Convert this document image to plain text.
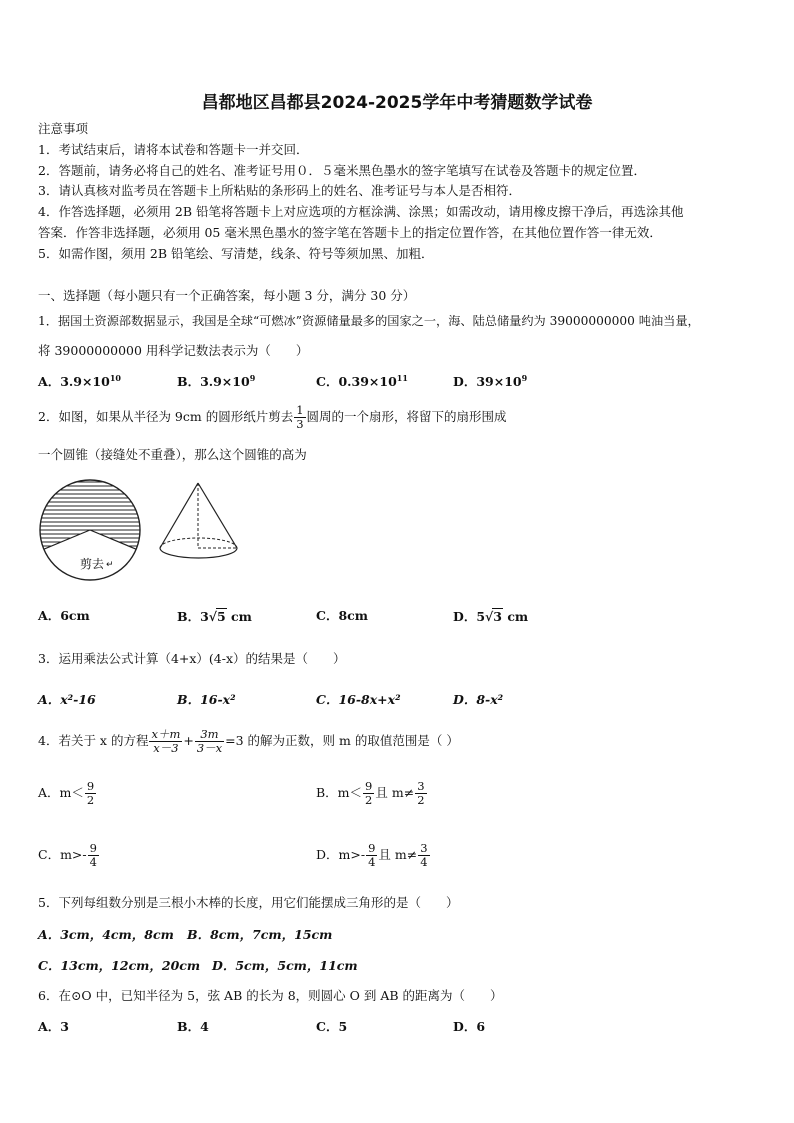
昌都地区昌都县2024-2025学年中考猜题数学试卷
注意事项
1．考试结束后，请将本试卷和答题卡一并交回．
2．答题前，请务必将自己的姓名、准考证号用０．５毫米黑色墨水的签字笔填写在试卷及答题卡的规定位置．
3．请认真核对监考员在答题卡上所粘贴的条形码上的姓名、准考证号与本人是否相符．
4．作答选择题，必须用 2B 铅笔将答题卡上对应选项的方框涂满、涂黑；如需改动，请用橡皮擦干净后，再选涂其他
答案．作答非选择题，必须用 05 毫米黑色墨水的签字笔在答题卡上的指定位置作答，在其他位置作答一律无效．
5．如需作图，须用 2B 铅笔绘、写清楚，线条、符号等须加黑、加粗．
一、选择题（每小题只有一个正确答案，每小题 3 分，满分 30 分）
1．据国土资源部数据显示，我国是全球“可燃冰”资源储量最多的国家之一，海、陆总储量约为 39000000000 吨油当量，
将 39000000000 用科学记数法表示为（　　）
A．$3.9\times 10^{10}$	B．$3.9\times 10^9$	C．$0.39\times 10^{11}$	D．$39\times 10^9$
2．如图，如果从半径为 9cm 的圆形纸片剪去 $\frac{1}{3}$ 圆周的一个扇形，将留下的扇形围成
一个圆锥（接缝处不重叠），那么这个圆锥的高为
剪去 ↵
A．6cm	B．3√5 cm	C．8cm	D．5√3 cm
3．运用乘法公式计算（4+x）(4-x）的结果是（　　）
A．x²-16	B．16-x²	C．16-8x+x²	D．8-x²
4．若关于 x 的方程 $\frac{x+m}{x-3} + \frac{3m}{3-x} =3$ 的解为正数，则 m 的取值范围是（ ）
A．$m< \frac{9}{2}$	B．$m< \frac{9}{2}$ 且 $m\ne \frac{3}{2}$
C．$m>- \frac{9}{4}$	D．$m>- \frac{9}{4}$ 且 $m\ne \frac{3}{4}$
5．下列每组数分别是三根小木棒的长度，用它们能摆成三角形的是（　　）
A．3cm，4cm，8cm B．8cm，7cm，15cm
C．13cm，12cm，20cm D．5cm，5cm，11cm
6．在⊙O 中，已知半径为 5，弦 AB 的长为 8，则圆心 O 到 AB 的距离为（　　）
A．3	B．4	C．5	D．6
